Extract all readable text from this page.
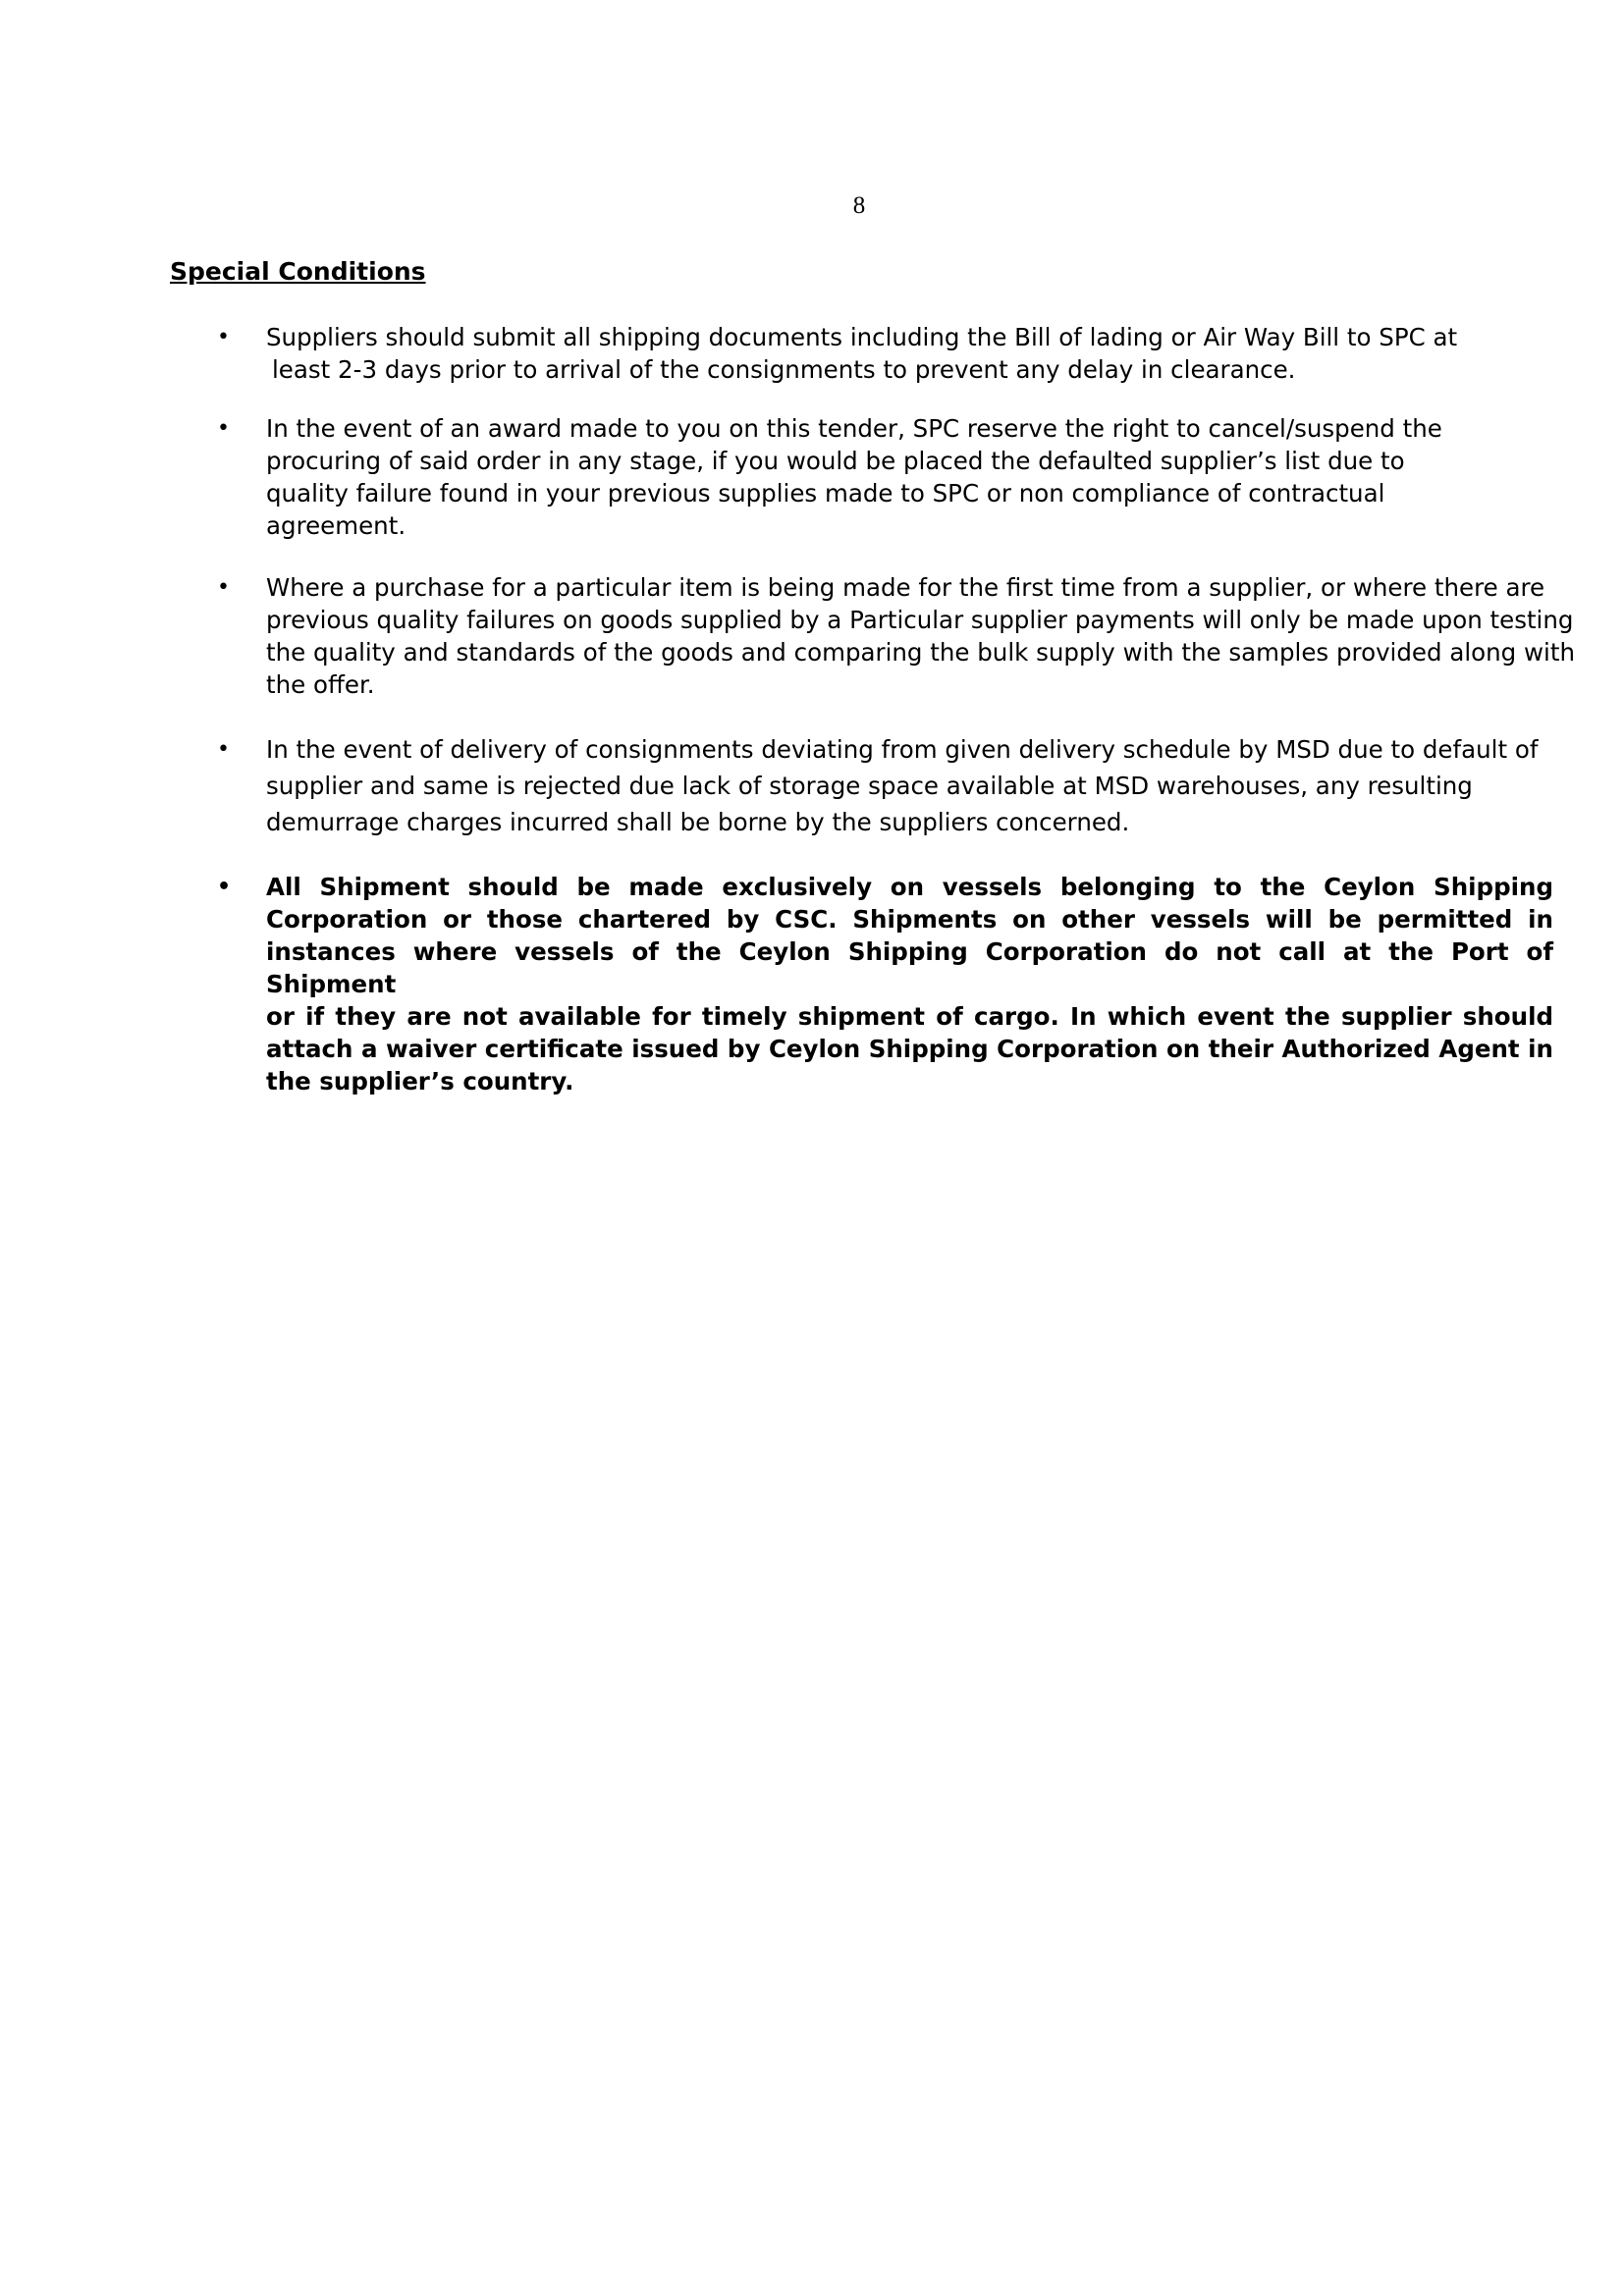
8
Special Conditions
• Suppliers should submit all shipping documents including the Bill of lading or Air Way Bill to SPC at
least 2-3 days prior to arrival of the consignments to prevent any delay in clearance.
• In the event of an award made to you on this tender, SPC reserve the right to cancel/suspend the
procuring of said order in any stage, if you would be placed the defaulted supplier’s list due to
quality failure found in your previous supplies made to SPC or non compliance of contractual
agreement.
• Where a purchase for a particular item is being made for the first time from a supplier, or where there are
previous quality failures on goods supplied by a Particular supplier payments will only be made upon testing
the quality and standards of the goods and comparing the bulk supply with the samples provided along with
the offer.
• In the event of delivery of consignments deviating from given delivery schedule by MSD due to default of
supplier and same is rejected due lack of storage space available at MSD warehouses, any resulting
demurrage charges incurred shall be borne by the suppliers concerned.
• All Shipment should be made exclusively on vessels belonging to the Ceylon Shipping
Corporation or those chartered by CSC. Shipments on other vessels will be permitted in
instances where vessels of the Ceylon Shipping Corporation do not call at the Port of Shipment
or if they are not available for timely shipment of cargo. In which event the supplier should
attach a waiver certificate issued by Ceylon Shipping Corporation on their Authorized Agent in
the supplier’s country.
